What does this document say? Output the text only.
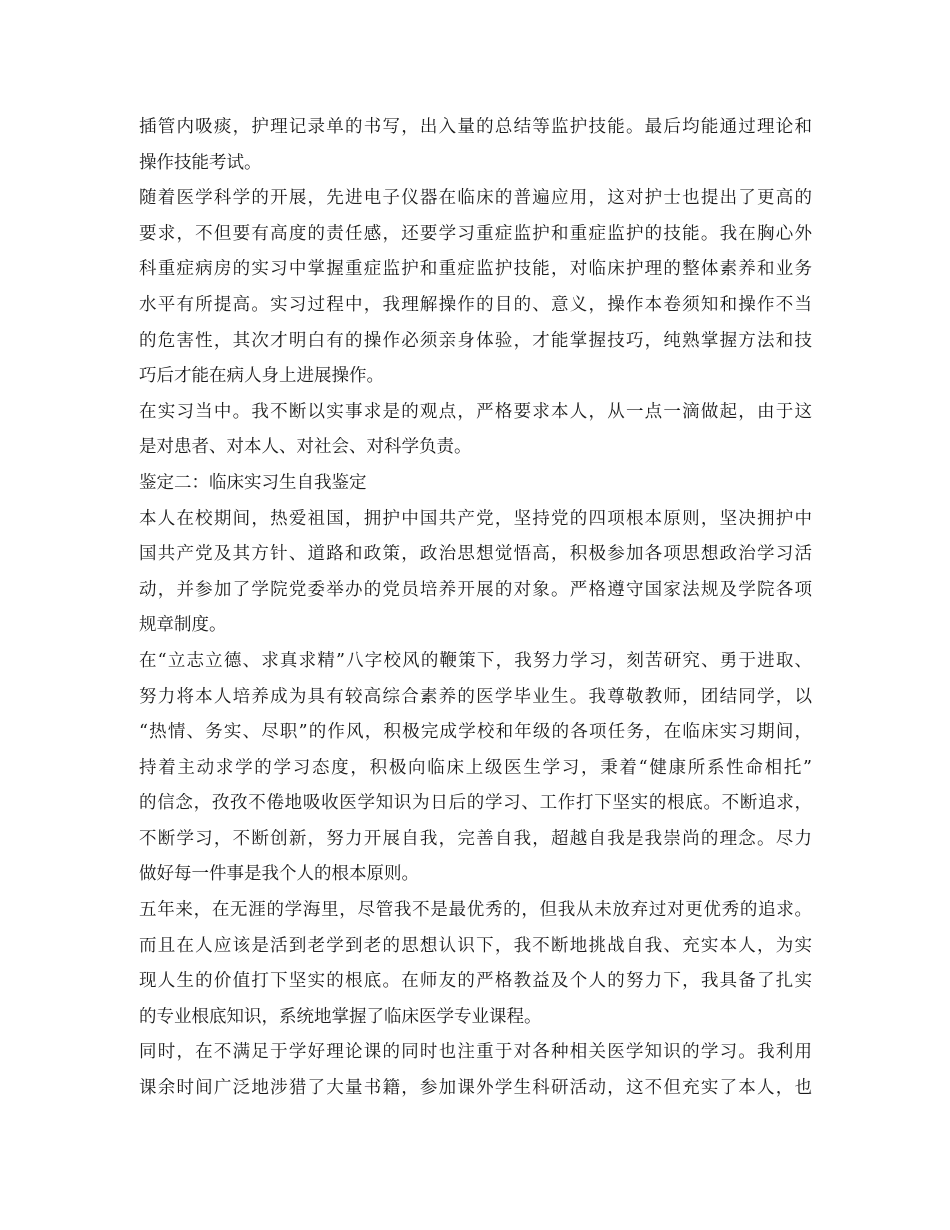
插管内吸痰，护理记录单的书写，出入量的总结等监护技能。最后均能通过理论和
操作技能考试。
随着医学科学的开展，先进电子仪器在临床的普遍应用，这对护士也提出了更高的
要求，不但要有高度的责任感，还要学习重症监护和重症监护的技能。我在胸心外
科重症病房的实习中掌握重症监护和重症监护技能，对临床护理的整体素养和业务
水平有所提高。实习过程中，我理解操作的目的、意义，操作本卷须知和操作不当
的危害性，其次才明白有的操作必须亲身体验，才能掌握技巧，纯熟掌握方法和技
巧后才能在病人身上进展操作。
在实习当中。我不断以实事求是的观点，严格要求本人，从一点一滴做起，由于这
是对患者、对本人、对社会、对科学负责。
鉴定二：临床实习生自我鉴定
本人在校期间，热爱祖国，拥护中国共产党，坚持党的四项根本原则，坚决拥护中
国共产党及其方针、道路和政策，政治思想觉悟高，积极参加各项思想政治学习活
动，并参加了学院党委举办的党员培养开展的对象。严格遵守国家法规及学院各项
规章制度。
在“立志立德、求真求精”八字校风的鞭策下，我努力学习，刻苦研究、勇于进取、
努力将本人培养成为具有较高综合素养的医学毕业生。我尊敬教师，团结同学，以
“热情、务实、尽职”的作风，积极完成学校和年级的各项任务，在临床实习期间，
持着主动求学的学习态度，积极向临床上级医生学习，秉着“健康所系性命相托”
的信念，孜孜不倦地吸收医学知识为日后的学习、工作打下坚实的根底。不断追求，
不断学习，不断创新，努力开展自我，完善自我，超越自我是我崇尚的理念。尽力
做好每一件事是我个人的根本原则。
五年来，在无涯的学海里，尽管我不是最优秀的，但我从未放弃过对更优秀的追求。
而且在人应该是活到老学到老的思想认识下，我不断地挑战自我、充实本人，为实
现人生的价值打下坚实的根底。在师友的严格教益及个人的努力下，我具备了扎实
的专业根底知识，系统地掌握了临床医学专业课程。
同时，在不满足于学好理论课的同时也注重于对各种相关医学知识的学习。我利用
课余时间广泛地涉猎了大量书籍，参加课外学生科研活动，这不但充实了本人，也
